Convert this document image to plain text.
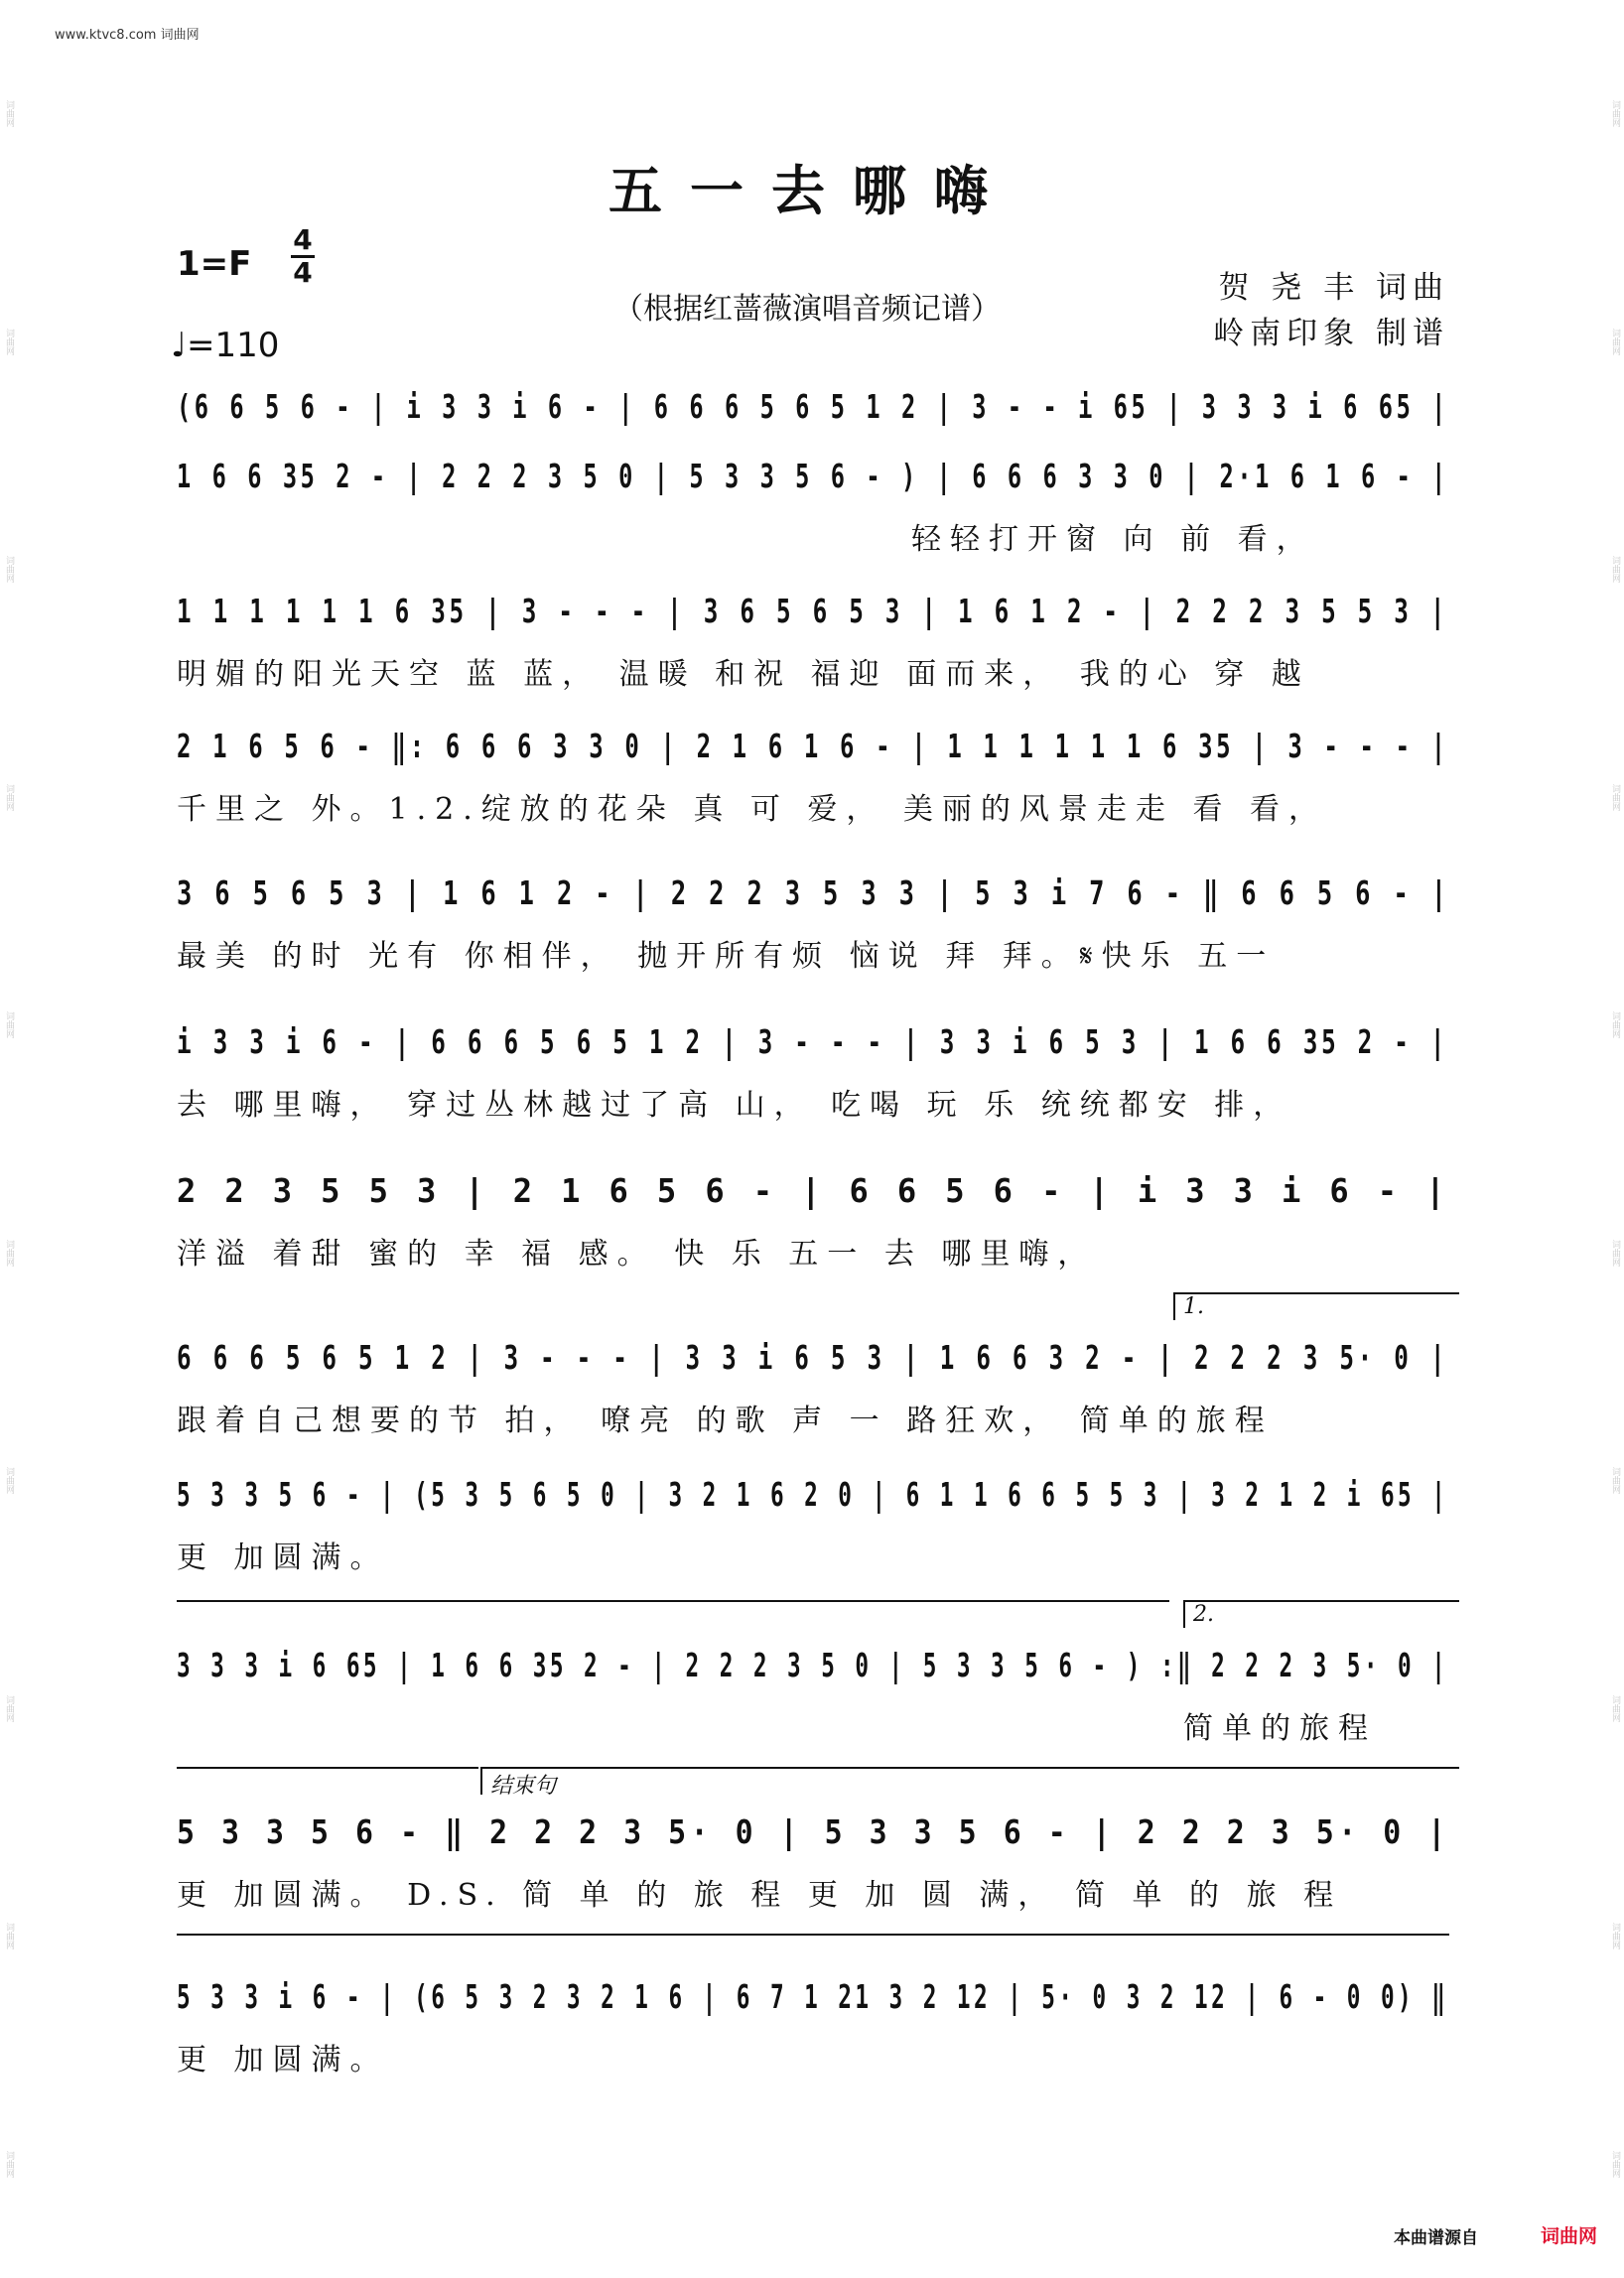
词曲网
词曲网
词曲网
词曲网
词曲网
词曲网
词曲网
词曲网
词曲网
词曲网
词曲网
词曲网
词曲网
词曲网
词曲网
词曲网
词曲网
词曲网
词曲网
词曲网
www.ktvc8.com 词曲网
五一去哪嗨
1=F
4
4
♩=110
（根据红蔷薇演唱音频记谱）
贺 尧 丰 词曲
岭南印象 制谱
(6 6 5 6 - | i 3 3 i 6 - | 6 6 6 5 6 5 1 2 | 3 - - i 65 | 3 3 3 i 6 65 |
1 6 6 35 2 - | 2 2 2 3 5 0 | 5 3 3 5 6 - ) | 6 6 6 3 3 0 | 2·1 6 1 6 - |
轻轻打开窗 向 前 看，
1 1 1 1 1 1 6 35 | 3 - - - | 3 6 5 6 5 3 | 1 6 1 2 - | 2 2 2 3 5 5 3 |
明媚的阳光天空 蓝 蓝， 温暖 和祝 福迎 面而来， 我的心 穿 越
2 1 6 5 6 - ‖: 6 6 6 3 3 0 | 2 1 6 1 6 - | 1 1 1 1 1 1 6 35 | 3 - - - |
千里之 外。1.2.绽放的花朵 真 可 爱， 美丽的风景走走 看 看，
3 6 5 6 5 3 | 1 6 1 2 - | 2 2 2 3 5 3 3 | 5 3 i 7 6 - ‖ 6 6 5 6 - |
最美 的时 光有 你相伴， 抛开所有烦 恼说 拜 拜。𝄋快乐 五一
i 3 3 i 6 - | 6 6 6 5 6 5 1 2 | 3 - - - | 3 3 i 6 5 3 | 1 6 6 35 2 - |
去 哪里嗨， 穿过丛林越过了高 山， 吃喝 玩 乐 统统都安 排，
2 2 3 5 5 3 | 2 1 6 5 6 - | 6 6 5 6 - | i 3 3 i 6 - |
洋溢 着甜 蜜的 幸 福 感。 快 乐 五一 去 哪里嗨，
1.
6 6 6 5 6 5 1 2 | 3 - - - | 3 3 i 6 5 3 | 1 6 6 3 2 - | 2 2 2 3 5· 0 |
跟着自己想要的节 拍， 嘹亮 的歌 声 一 路狂欢， 简单的旅程
5 3 3 5 6 - | (5 3 5 6 5 0 | 3 2 1 6 2 0 | 6 1 1 6 6 5 5 3 | 3 2 1 2 i 65 |
更 加圆满。
2.
3 3 3 i 6 65 | 1 6 6 35 2 - | 2 2 2 3 5 0 | 5 3 3 5 6 - ) :‖ 2 2 2 3 5· 0 |
简单的旅程
结束句
5 3 3 5 6 - ‖ 2 2 2 3 5· 0 | 5 3 3 5 6 - | 2 2 2 3 5· 0 |
更 加圆满。 D.S. 简 单 的 旅 程 更 加 圆 满， 简 单 的 旅 程
5 3 3 i 6 - | (6 5 3 2 3 2 1 6 | 6 7 1 21 3 2 12 | 5· 0 3 2 12 | 6 - 0 0) ‖
更 加圆满。
本曲谱源自	词曲网
